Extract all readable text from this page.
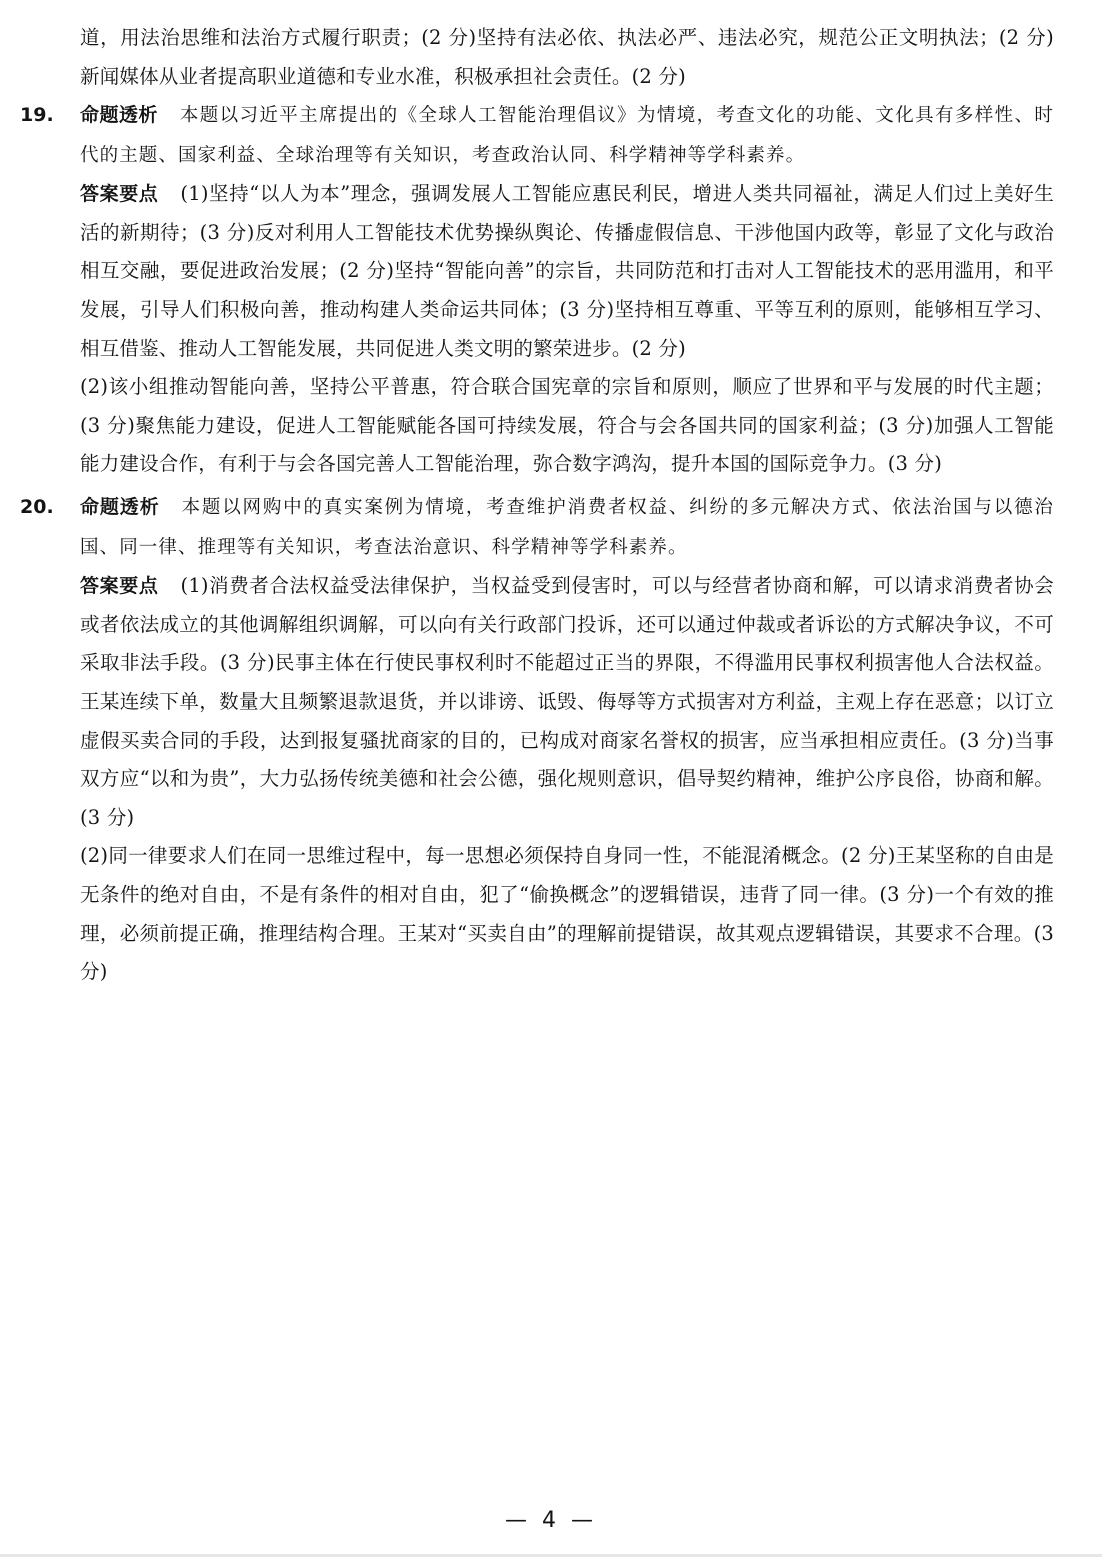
道，用法治思维和法治方式履行职责；(2 分)坚持有法必依、执法必严、违法必究，规范公正文明执法；(2 分)新闻媒体从业者提高职业道德和专业水准，积极承担社会责任。(2 分)

19. 命题透析 本题以习近平主席提出的《全球人工智能治理倡议》为情境，考查文化的功能、文化具有多样性、时代的主题、国家利益、全球治理等有关知识，考查政治认同、科学精神等学科素养。

答案要点 (1)坚持“以人为本”理念，强调发展人工智能应惠民利民，增进人类共同福祉，满足人们过上美好生活的新期待；(3 分)反对利用人工智能技术优势操纵舆论、传播虚假信息、干涉他国内政等，彰显了文化与政治相互交融，要促进政治发展；(2 分)坚持“智能向善”的宗旨，共同防范和打击对人工智能技术的恶用滥用，和平发展，引导人们积极向善，推动构建人类命运共同体；(3 分)坚持相互尊重、平等互利的原则，能够相互学习、相互借鉴、推动人工智能发展，共同促进人类文明的繁荣进步。(2 分)

(2)该小组推动智能向善，坚持公平普惠，符合联合国宪章的宗旨和原则，顺应了世界和平与发展的时代主题；(3 分)聚焦能力建设，促进人工智能赋能各国可持续发展，符合与会各国共同的国家利益；(3 分)加强人工智能能力建设合作，有利于与会各国完善人工智能治理，弥合数字鸿沟，提升本国的国际竞争力。(3 分)

20. 命题透析 本题以网购中的真实案例为情境，考查维护消费者权益、纠纷的多元解决方式、依法治国与以德治国、同一律、推理等有关知识，考查法治意识、科学精神等学科素养。

答案要点 (1)消费者合法权益受法律保护，当权益受到侵害时，可以与经营者协商和解，可以请求消费者协会或者依法成立的其他调解组织调解，可以向有关行政部门投诉，还可以通过仲裁或者诉讼的方式解决争议，不可采取非法手段。(3 分)民事主体在行使民事权利时不能超过正当的界限，不得滥用民事权利损害他人合法权益。王某连续下单，数量大且频繁退款退货，并以诽谤、诋毁、侮辱等方式损害对方利益，主观上存在恶意；以订立虚假买卖合同的手段，达到报复骚扰商家的目的，已构成对商家名誉权的损害，应当承担相应责任。(3 分)当事双方应“以和为贵”，大力弘扬传统美德和社会公德，强化规则意识，倡导契约精神，维护公序良俗，协商和解。(3 分)

(2)同一律要求人们在同一思维过程中，每一思想必须保持自身同一性，不能混淆概念。(2 分)王某坚称的自由是无条件的绝对自由，不是有条件的相对自由，犯了“偷换概念”的逻辑错误，违背了同一律。(3 分)一个有效的推理，必须前提正确，推理结构合理。王某对“买卖自由”的理解前提错误，故其观点逻辑错误，其要求不合理。(3 分)

— 4 —
